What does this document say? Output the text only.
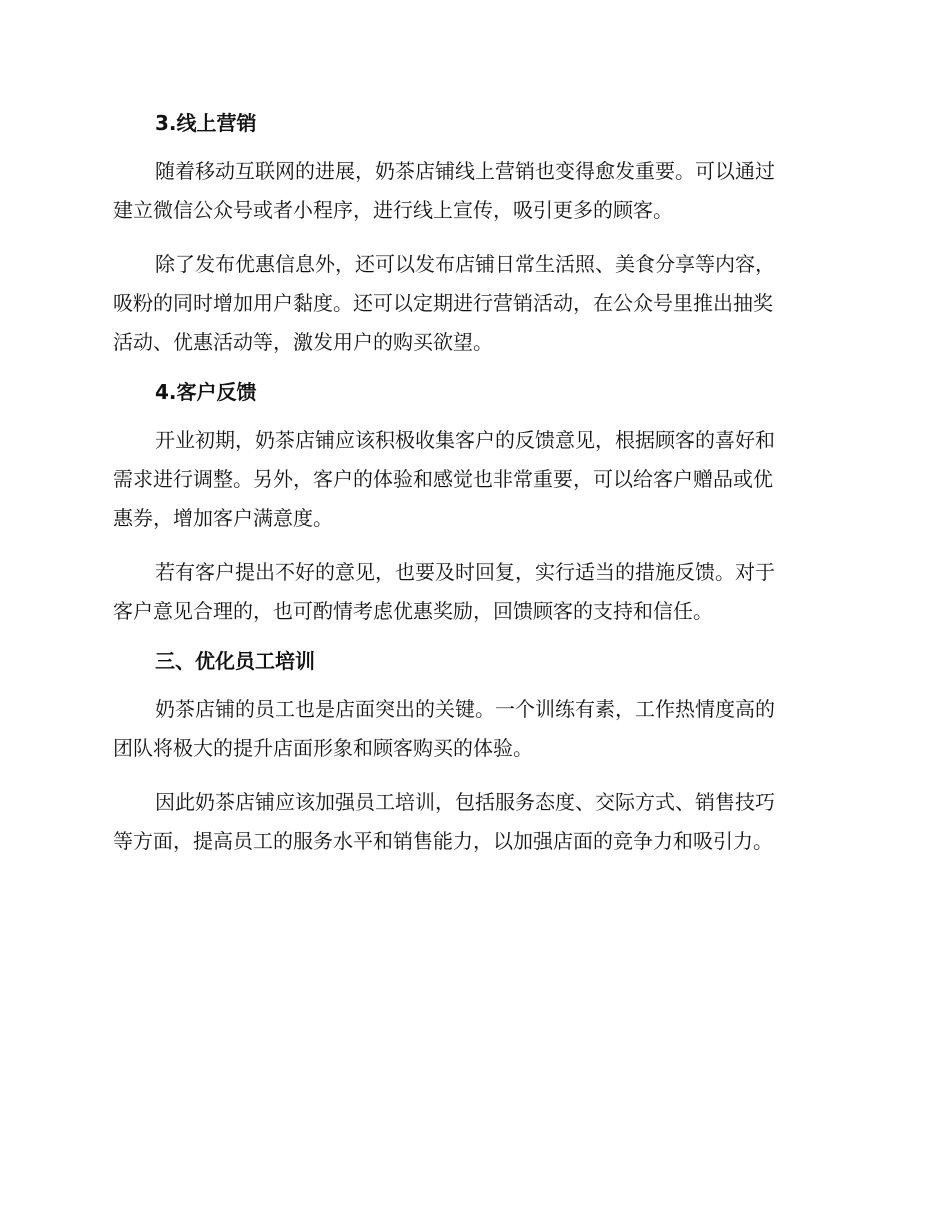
3.线上营销

随着移动互联网的进展，奶茶店铺线上营销也变得愈发重要。可以通过
建立微信公众号或者小程序，进行线上宣传，吸引更多的顾客。

除了发布优惠信息外，还可以发布店铺日常生活照、美食分享等内容，
吸粉的同时增加用户黏度。还可以定期进行营销活动，在公众号里推出抽奖
活动、优惠活动等，激发用户的购买欲望。

4.客户反馈

开业初期，奶茶店铺应该积极收集客户的反馈意见，根据顾客的喜好和
需求进行调整。另外，客户的体验和感觉也非常重要，可以给客户赠品或优
惠券，增加客户满意度。

若有客户提出不好的意见，也要及时回复，实行适当的措施反馈。对于
客户意见合理的，也可酌情考虑优惠奖励，回馈顾客的支持和信任。

三、优化员工培训

奶茶店铺的员工也是店面突出的关键。一个训练有素，工作热情度高的
团队将极大的提升店面形象和顾客购买的体验。

因此奶茶店铺应该加强员工培训，包括服务态度、交际方式、销售技巧
等方面，提高员工的服务水平和销售能力，以加强店面的竞争力和吸引力。
